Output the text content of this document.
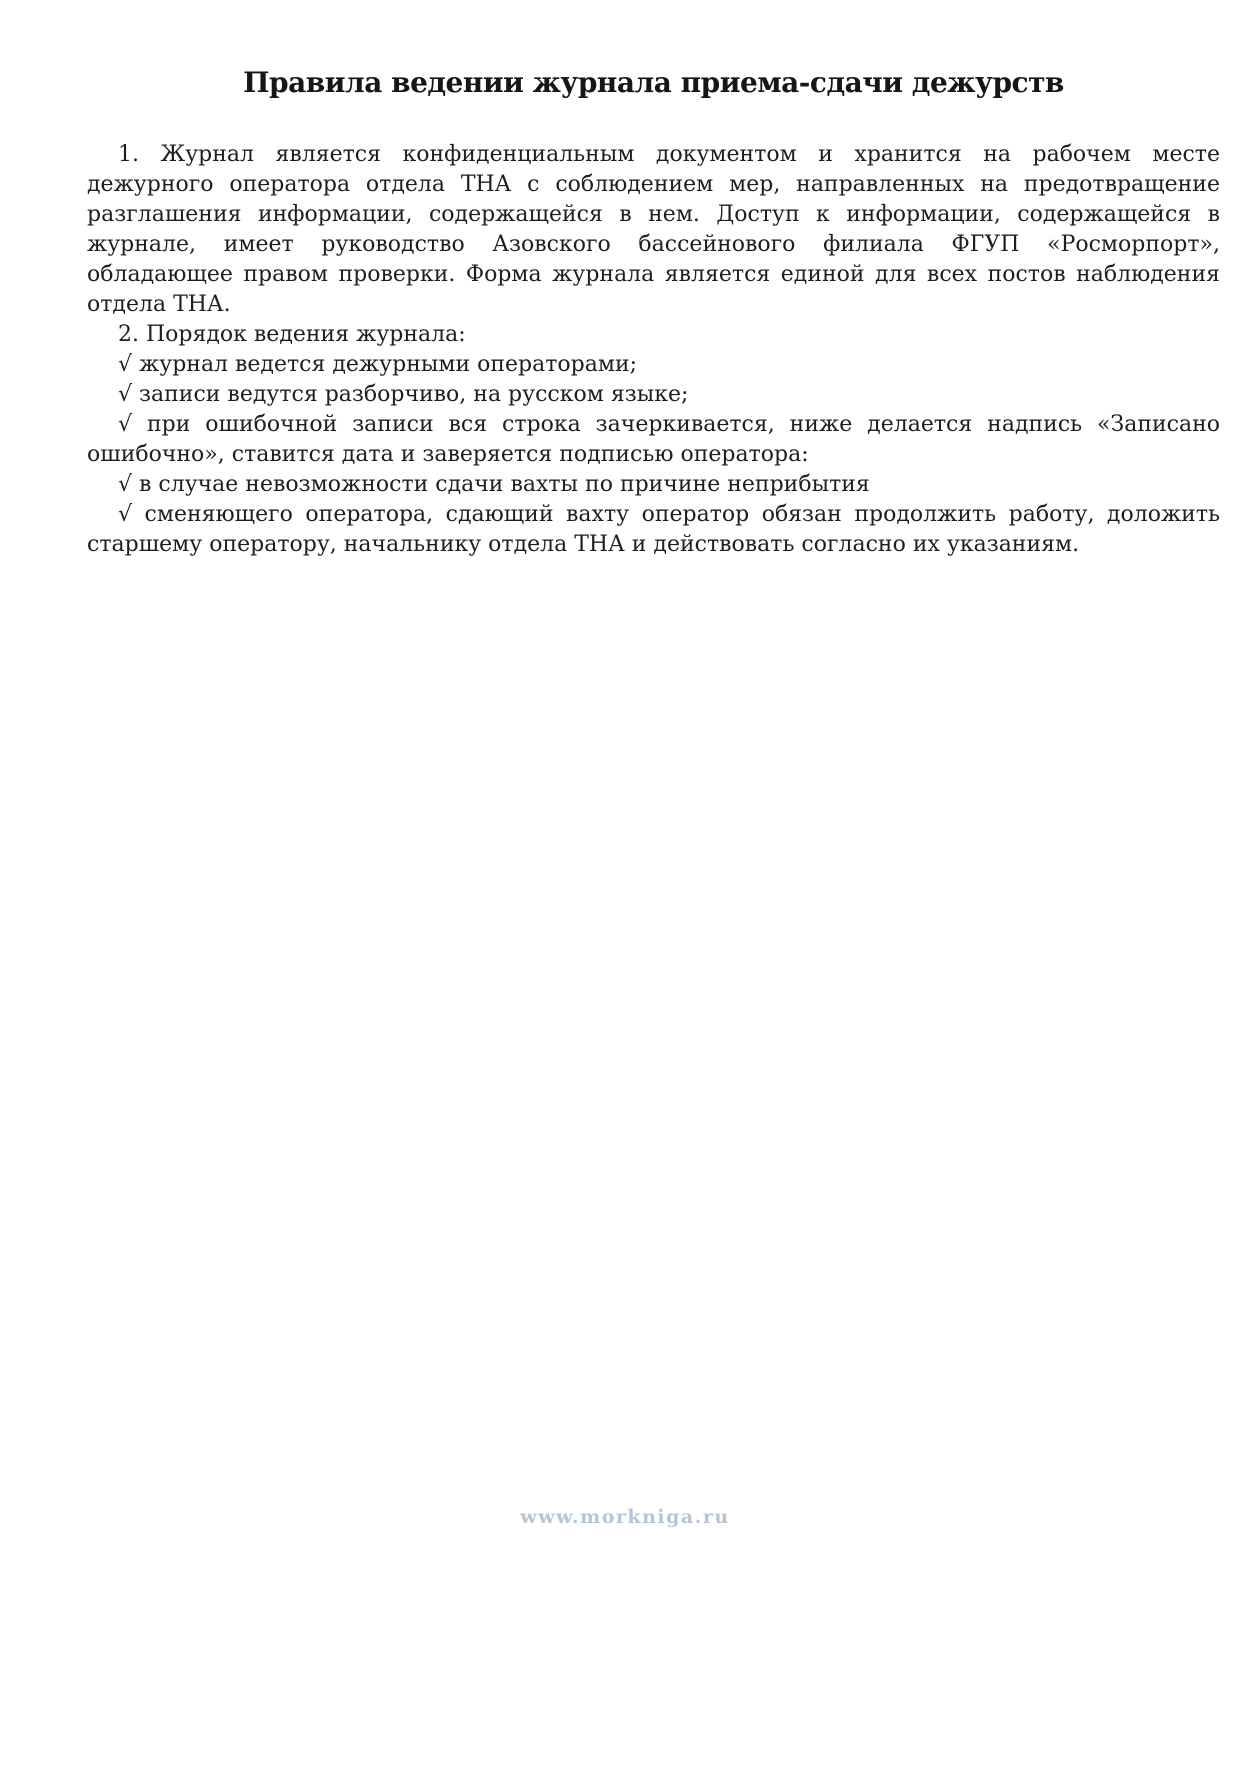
Правила ведении журнала приема-сдачи дежурств

1. Журнал является конфиденциальным документом и хранится на рабочем месте дежурного оператора отдела ТНА с соблюдением мер, направленных на предотвращение разглашения информации, содержащейся в нем. Доступ к информации, содержащейся в журнале, имеет руководство Азовского бассейнового филиала ФГУП «Росморпорт», обладающее правом проверки. Форма журнала является единой для всех постов наблюдения отдела ТНА.

2. Порядок ведения журнала:

√ журнал ведется дежурными операторами;

√ записи ведутся разборчиво, на русском языке;

√ при ошибочной записи вся строка зачеркивается, ниже делается надпись «Записано ошибочно», ставится дата и заверяется подписью оператора:

√ в случае невозможности сдачи вахты по причине неприбытия

√ сменяющего оператора, сдающий вахту оператор обязан продолжить работу, доложить старшему оператору, начальнику отдела ТНА и действовать согласно их указаниям.

www.morkniga.ru
